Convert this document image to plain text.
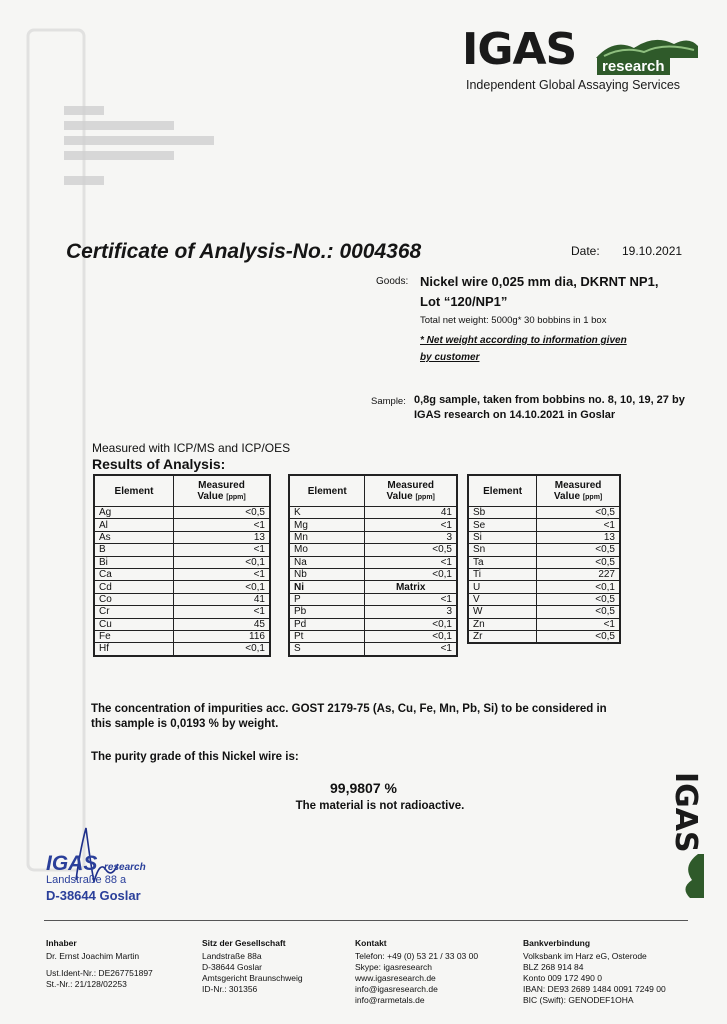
IGAS	research
Independent Global Assaying Services
Certificate of Analysis-No.: 0004368	Date: 19.10.2021
Goods: Nickel wire 0,025 mm dia, DKRNT NP1,
Lot “120/NP1”
Total net weight: 5000g* 30 bobbins in 1 box
* Net weight according to information given
by customer
Sample: 0,8g sample, taken from bobbins no. 8, 10, 19, 27 by
IGAS research on 14.10.2021 in Goslar
Measured with ICP/MS and ICP/OES
Results of Analysis:
Element	Measured
Value [ppm]
Ag	<0,5
Al	<1
As	13
B	<1
Bi	<0,1
Ca	<1
Cd	<0,1
Co	41
Cr	<1
Cu	45
Fe	116
Hf	<0,1
Element	Measured
Value [ppm]
K	41
Mg	<1
Mn	3
Mo	<0,5
Na	<1
Nb	<0,1
Ni	Matrix
P	<1
Pb	3
Pd	<0,1
Pt	<0,1
S	<1
Element	Measured
Value [ppm]
Sb	<0,5
Se	<1
Si	13
Sn	<0,5
Ta	<0,5
Ti	227
U	<0,1
V	<0,5
W	<0,5
Zn	<1
Zr	<0,5
The concentration of impurities acc. GOST 2179-75 (As, Cu, Fe, Mn, Pb, Si) to be considered in this sample is 0,0193 % by weight.
The purity grade of this Nickel wire is:
99,9807 %
The material is not radioactive.	IGAS
IGAS research
Landstraße 88 a
D-38644 Goslar
Inhaber
Dr. Ernst Joachim Martin
Ust.Ident-Nr.: DE267751897
St.-Nr.: 21/128/02253
Sitz der Gesellschaft
Landstraße 88a
D-38644 Goslar
Amtsgericht Braunschweig
ID-Nr.: 301356
Kontakt
Telefon: +49 (0) 53 21 / 33 03 00
Skype: igasresearch
www.igasresearch.de
info@igasresearch.de
info@rarmetals.de
Bankverbindung
Volksbank im Harz eG, Osterode
BLZ 268 914 84
Konto 009 172 490 0
IBAN: DE93 2689 1484 0091 7249 00
BIC (Swift): GENODEF1OHA
